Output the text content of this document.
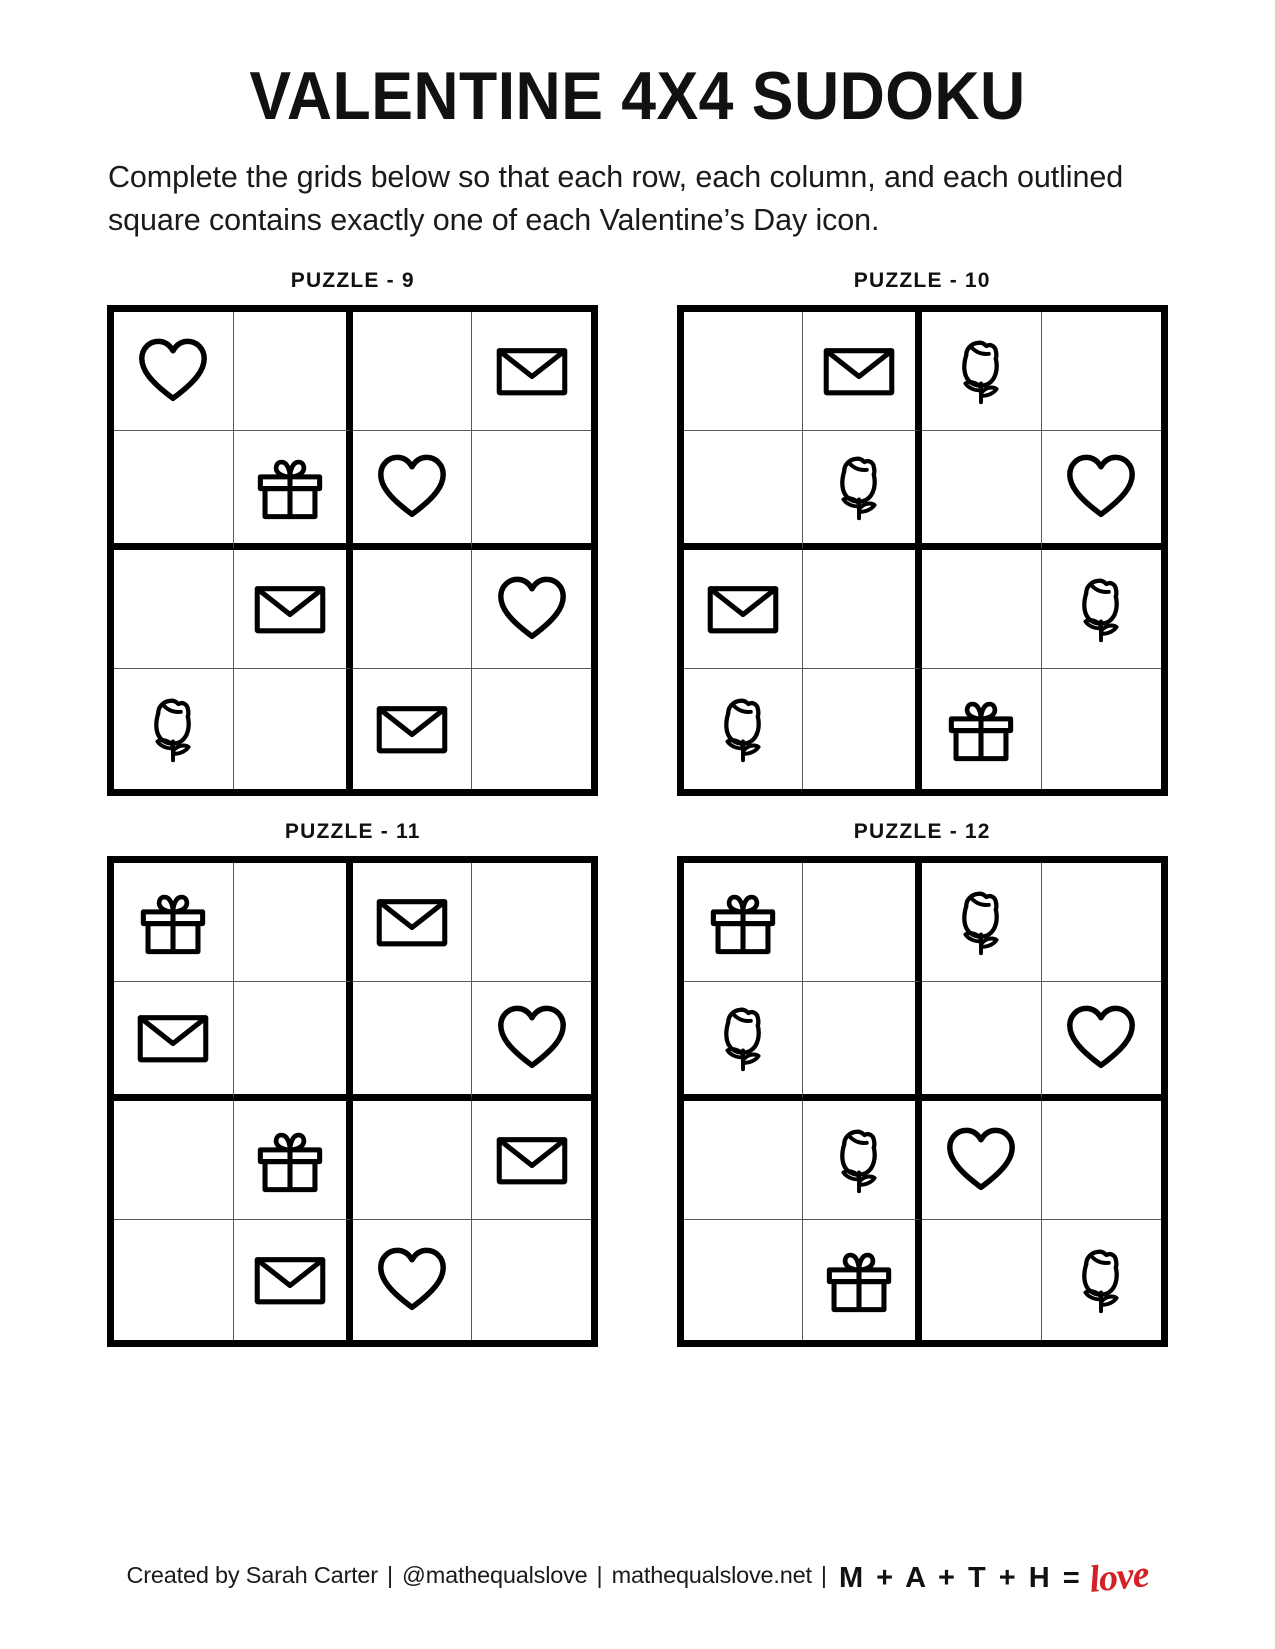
VALENTINE 4X4 SUDOKU

Complete the grids below so that each row, each column, and each outlined square contains exactly one of each Valentine’s Day icon.

PUZZLE - 9	PUZZLE - 10
PUZZLE - 11	PUZZLE - 12
Created by Sarah Carter | @mathequalslove | mathequalslove.net | M + A + T + H = love
